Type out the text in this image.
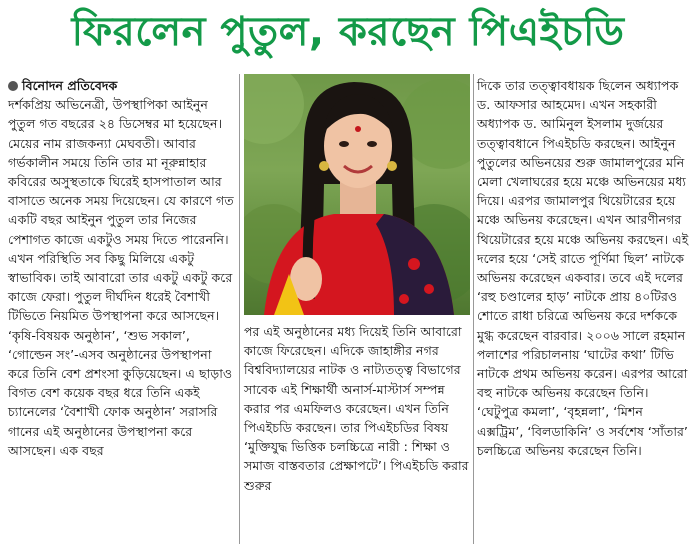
ফিরলেন পুতুল, করছেন পিএইচডি
বিনোদন প্রতিবেদক

দর্শকপ্রিয় অভিনেত্রী, উপস্থাপিকা আইনুন পুতুল গত বছরের ২৪ ডিসেম্বর মা হয়েছেন। মেয়ের নাম রাজকন্যা মেঘবতী। আবার গর্ভকালীন সময়ে তিনি তার মা নূরুন্নাহার কবিরের অসুস্থতাকে ঘিরেই হাসপাতাল আর বাসাতে অনেক সময় দিয়েছেন। যে কারণে গত একটি বছর আইনুন পুতুল তার নিজের পেশাগত কাজে একটুও সময় দিতে পারেননি। এখন পরিস্থিতি সব কিছু মিলিয়ে একটু স্বাভাবিক। তাই আবারো তার একটু একটু করে কাজে ফেরা। পুতুল দীর্ঘদিন ধরেই বৈশাখী টিভিতে নিয়মিত উপস্থাপনা করে আসছেন। ‘কৃষি-বিষয়ক অনুষ্ঠান’, ‘শুভ সকাল’, ‘গোল্ডেন সং’-এসব অনুষ্ঠানের উপস্থাপনা করে তিনি বেশ প্রশংসা কুড়িয়েছেন। এ ছাড়াও বিগত বেশ কয়েক বছর ধরে তিনি একই চ্যানেলের ‘বৈশাখী ফোক অনুষ্ঠান’ সরাসরি গানের এই অনুষ্ঠানের উপস্থাপনা করে আসছেন। এক বছর

পর এই অনুষ্ঠানের মধ্য দিয়েই তিনি আবারো কাজে ফিরেছেন। এদিকে জাহাঙ্গীর নগর বিশ্ববিদ্যালয়ের নাটক ও নাট্যতত্ত্ব বিভাগের সাবেক এই শিক্ষার্থী অনার্স-মাস্টার্স সম্পন্ন করার পর এমফিলও করেছেন। এখন তিনি পিএইচডি করছেন। তার পিএইচডির বিষয় ‘মুক্তিযুদ্ধ ভিত্তিক চলচ্চিত্রে নারী : শিক্ষা ও সমাজ বাস্তবতার প্রেক্ষাপটে’। পিএইচডি করার শুরুর

দিকে তার তত্ত্বাবধায়ক ছিলেন অধ্যাপক ড. আফসার আহমেদ। এখন সহকারী অধ্যাপক ড. আমিনুল ইসলাম দুর্জয়ের তত্ত্বাবধানে পিএইচডি করছেন। আইনুন পুতুলের অভিনয়ের শুরু জামালপুরের মনি মেলা খেলাঘরের হয়ে মঞ্চে অভিনয়ের মধ্য দিয়ে। এরপর জামালপুর থিয়েটারের হয়ে মঞ্চে অভিনয় করেছেন। এখন আরণীনগর থিয়েটারের হয়ে মঞ্চে অভিনয় করছেন। এই দলের হয়ে ‘সেই রাতে পূর্ণিমা ছিল’ নাটকে অভিনয় করেছেন একবার। তবে এই দলের ‘রহু চণ্ডালের হাড়’ নাটকে প্রায় ৪০টিরও শোতে রাধা চরিত্রে অভিনয় করে দর্শককে মুগ্ধ করেছেন বারবার। ২০০৬ সালে রহমান পলাশের পরিচালনায় ‘ঘাটের কথা’ টিভি নাটকে প্রথম অভিনয় করেন। এরপর আরো বহু নাটকে অভিনয় করেছেন তিনি। ‘ঘেটুপুত্র কমলা’, ‘বৃহন্নলা’, ‘মিশন এক্সট্রিম’, ‘বিলডাকিনি’ ও সর্বশেষ ‘সাঁতার’ চলচ্চিত্রে অভিনয় করেছেন তিনি।
